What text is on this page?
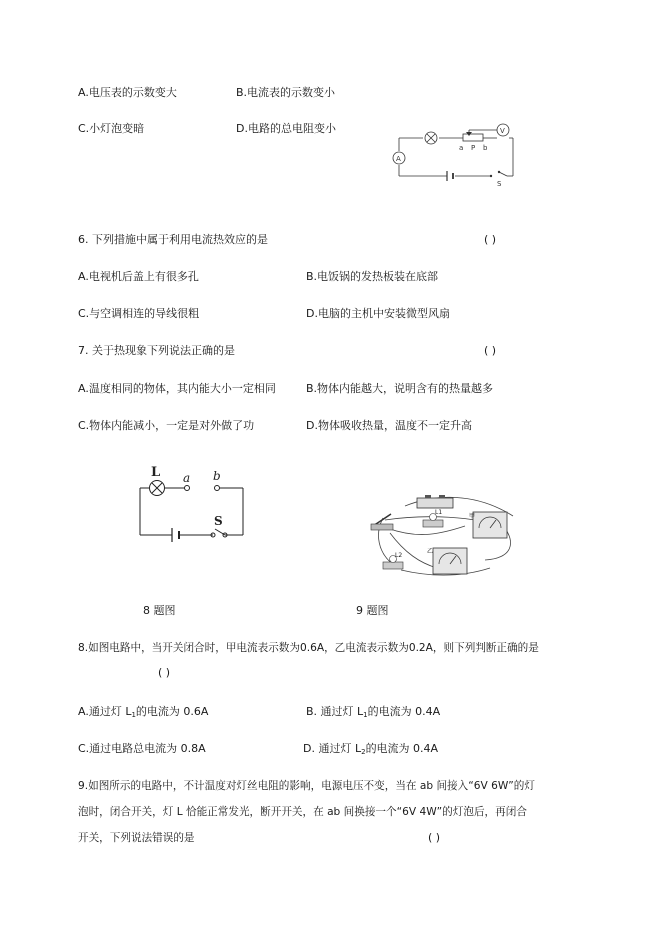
A.电压表的示数变大	B.电流表的示数变小
C.小灯泡变暗	D.电路的总电阻变小
A
V
a P b
S
6. 下列措施中属于利用电流热效应的是	( )
A.电视机后盖上有很多孔	B.电饭锅的发热板装在底部
C.与空调相连的导线很粗	D.电脑的主机中安装微型风扇
7. 关于热现象下列说法正确的是	( )
A.温度相同的物体，其内能大小一定相同	B.物体内能越大，说明含有的热量越多
C.物体内能减小，一定是对外做了功	D.物体吸收热量，温度不一定升高
L a b
S
L1
甲
L2
乙
8 题图	9 题图
8.如图电路中，当开关闭合时，甲电流表示数为0.6A，乙电流表示数为0.2A，则下列判断正确的是
( )
A.通过灯 $L_1$的电流为 0.6A	B. 通过灯 $L_1$的电流为 0.4A
C.通过电路总电流为 0.8A	D. 通过灯 $L_2$的电流为 0.4A
9.如图所示的电路中，不计温度对灯丝电阻的影响，电源电压不变，当在 ab 间接入“6V 6W”的灯
泡时，闭合开关，灯 L 恰能正常发光，断开开关，在 ab 间换接一个“6V 4W”的灯泡后，再闭合
开关，下列说法错误的是	( )
